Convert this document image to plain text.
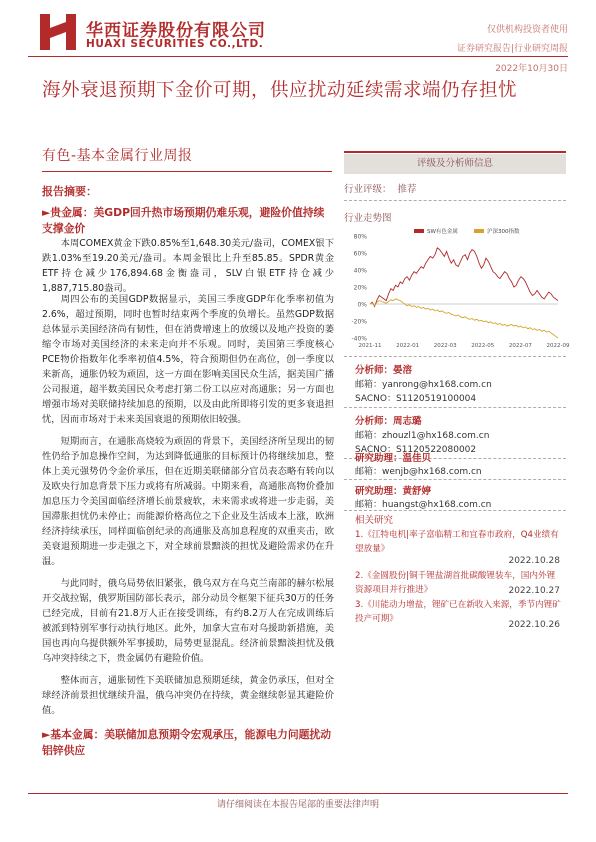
华西证券股份有限公司
HUAXI SECURITIES CO.,LTD.
仅供机构投资者使用
证券研究报告|行业研究周报
2022年10月30日
海外衰退预期下金价可期，供应扰动延续需求端仍存担忧
有色-基本金属行业周报	评级及分析师信息
行业评级： 推荐
行业走势图
80%
60%
40%
20%
0%
-20%
-40%
2021-11	2022-01	2022-03	2022-05	2022-07	2022-09
SW有色金属	沪深300指数
分析师：晏溶
邮箱：yanrong@hx168.com.cn
SACNO：S1120519100004
分析师：周志璐
邮箱：zhouzl1@hx168.com.cn
SACNO：S1120522080002
研究助理：温佳贝
邮箱：wenjb@hx168.com.cn
研究助理：黄舒婷
邮箱：huangst@hx168.com.cn
相关研究
1.《江特电机|率子富临精工和宜春市政府，Q4业绩有望放量》
2022.10.28
2.《金圆股份|铜千锂盐湖首批碳酸锂装车，国内外锂资源项目并行推进》	2022.10.27
3.《川能动力增盐，锂矿已在新收入来源，季节内锂矿投产可期》
2022.10.26
报告摘要：
►贵金属：美GDP回升热市场预期仍难乐观，避险价值持续支撑金价

本周COMEX黄金下跌0.85%至1,648.30美元/盎司，COMEX银下跌1.03%至19.20美元/盎司。本周金银比上升至85.85。SPDR黄金ETF持仓减少176,894.68金衡盎司，SLV白银ETF持仓减少1,887,715.80盎司。

周四公布的美国GDP数据显示，美国三季度GDP年化季率初值为2.6%，超过预期，同时也暂时结束两个季度的负增长。虽然GDP数据总体显示美国经济尚有韧性，但在消费增速上的放缓以及地产投资的萎缩令市场对美国经济的未来走向并不乐观。同时，美国第三季度核心PCE物价指数年化季率初值4.5%，符合预期但仍在高位，创一季度以来新高，通胀仍较为顽固，这一方面在影响美国民众生活，据美国广播公司报道，超半数美国民众考虑打第二份工以应对高通胀；另一方面也增强市场对美联储持续加息的预期，以及由此所即将引发的更多衰退担忧，因而市场对于未来美国衰退的预期依旧较强。

短期而言，在通胀高烧较为顽固的背景下，美国经济所呈现出的韧性仍给予加息操作空间，为达到降低通胀的目标预计仍将继续加息，整体上美元强势仍令金价承压，但在近期美联储部分官员表态略有转向以及欧央行加息背景下压力或将有所减弱。中期来看，高通胀高物价叠加加息压力令美国面临经济增长前景疲软，未来需求或将进一步走弱，美国滞胀担忧仍未停止；而能源价格高位之下企业及生活成本上涨，欧洲经济持续承压，同样面临创纪录的高通胀及高加息程度的双重夹击，欧美衰退预期进一步走强之下，对全球前景黯淡的担忧及避险需求仍在升温。

与此同时，俄乌局势依旧紧张，俄乌双方在乌克兰南部的赫尔松展开交战拉锯，俄罗斯国防部长表示，部分动员令框架下征兵30万的任务已经完成，目前有21.8万人正在接受训练，有约8.2万人在完成训练后被派到特别军事行动执行地区。此外，加拿大宣布对乌援助新措施，美国也再向乌提供额外军事援助，局势更显混乱。经济前景黯淡担忧及俄乌冲突持续之下，贵金属仍有避险价值。

整体而言，通胀韧性下美联储加息预期延续，黄金仍承压，但对全球经济前景担忧继续升温，俄乌冲突仍在持续，黄金继续彰显其避险价值。

►基本金属：美联储加息预期令宏观承压，能源电力问题扰动铝锌供应
请仔细阅读在本报告尾部的重要法律声明
